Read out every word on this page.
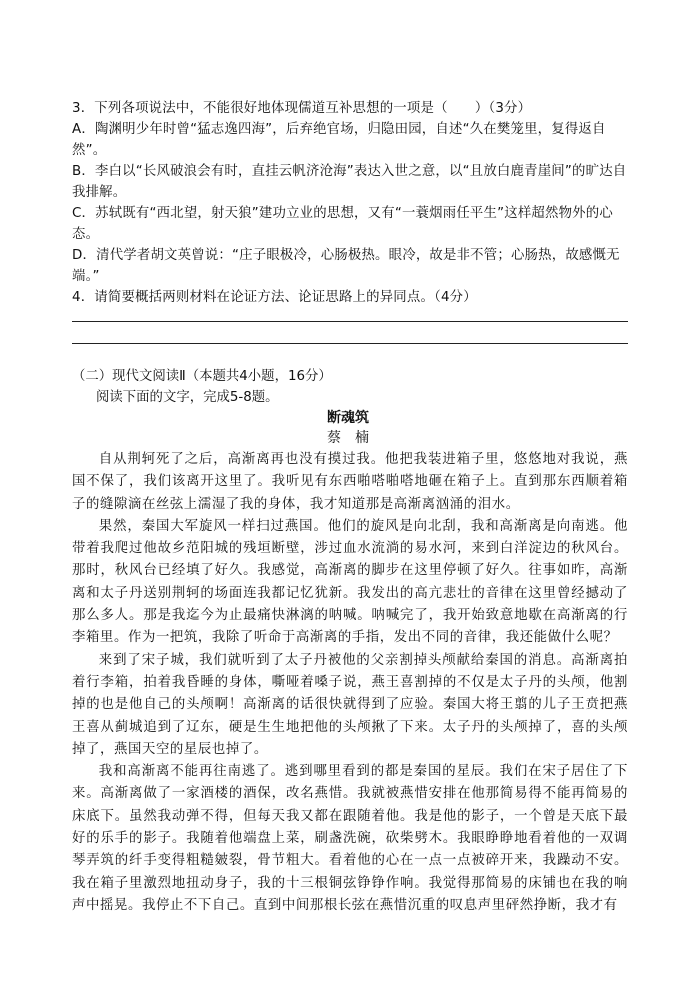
3．下列各项说法中，不能很好地体现儒道互补思想的一项是（　　）（3分）
A．陶渊明少年时曾“猛志逸四海”，后弃绝官场，归隐田园，自述“久在樊笼里，复得返自然”。
B．李白以“长风破浪会有时，直挂云帆济沧海”表达入世之意，以“且放白鹿青崖间”的旷达自我排解。
C．苏轼既有“西北望，射天狼”建功立业的思想，又有“一蓑烟雨任平生”这样超然物外的心态。
D．清代学者胡文英曾说：“庄子眼极冷，心肠极热。眼冷，故是非不管；心肠热，故感慨无端。”
4．请简要概括两则材料在论证方法、论证思路上的异同点。（4分）
（二）现代文阅读Ⅱ（本题共4小题，16分）
阅读下面的文字，完成5-8题。
断魂筑
蔡　楠

自从荆轲死了之后，高渐离再也没有摸过我。他把我装进箱子里，悠悠地对我说，燕国不保了，我们该离开这里了。我听见有东西啪嗒啪嗒地砸在箱子上。直到那东西顺着箱子的缝隙滴在丝弦上濡湿了我的身体，我才知道那是高渐离汹涌的泪水。

果然，秦国大军旋风一样扫过燕国。他们的旋风是向北刮，我和高渐离是向南逃。他带着我爬过他故乡范阳城的残垣断壁，涉过血水流淌的易水河，来到白洋淀边的秋风台。那时，秋风台已经填了好久。我感觉，高渐离的脚步在这里停顿了好久。往事如昨，高渐离和太子丹送别荆轲的场面连我都记忆犹新。我发出的高亢悲壮的音律在这里曾经撼动了那么多人。那是我迄今为止最痛快淋漓的呐喊。呐喊完了，我开始致意地歇在高渐离的行李箱里。作为一把筑，我除了听命于高渐离的手指，发出不同的音律，我还能做什么呢？

来到了宋子城，我们就听到了太子丹被他的父亲割掉头颅献给秦国的消息。高渐离拍着行李箱，拍着我昏睡的身体，嘶哑着嗓子说，燕王喜割掉的不仅是太子丹的头颅，他割掉的也是他自己的头颅啊！高渐离的话很快就得到了应验。秦国大将王翦的儿子王贲把燕王喜从蓟城追到了辽东，硬是生生地把他的头颅揪了下来。太子丹的头颅掉了，喜的头颅掉了，燕国天空的星辰也掉了。

我和高渐离不能再往南逃了。逃到哪里看到的都是秦国的星辰。我们在宋子居住了下来。高渐离做了一家酒楼的酒保，改名燕惜。我就被燕惜安排在他那简易得不能再简易的床底下。虽然我动弹不得，但每天我又都在跟随着他。我是他的影子，一个曾是天底下最好的乐手的影子。我随着他端盘上菜，刷盏洗碗，砍柴劈木。我眼睁睁地看着他的一双调琴弄筑的纤手变得粗糙皴裂，骨节粗大。看着他的心在一点一点被碎开来，我躁动不安。我在箱子里激烈地扭动身子，我的十三根铜弦铮铮作响。我觉得那简易的床铺也在我的响声中摇晃。我停止不下自己。直到中间那根长弦在燕惜沉重的叹息声里砰然挣断，我才有
